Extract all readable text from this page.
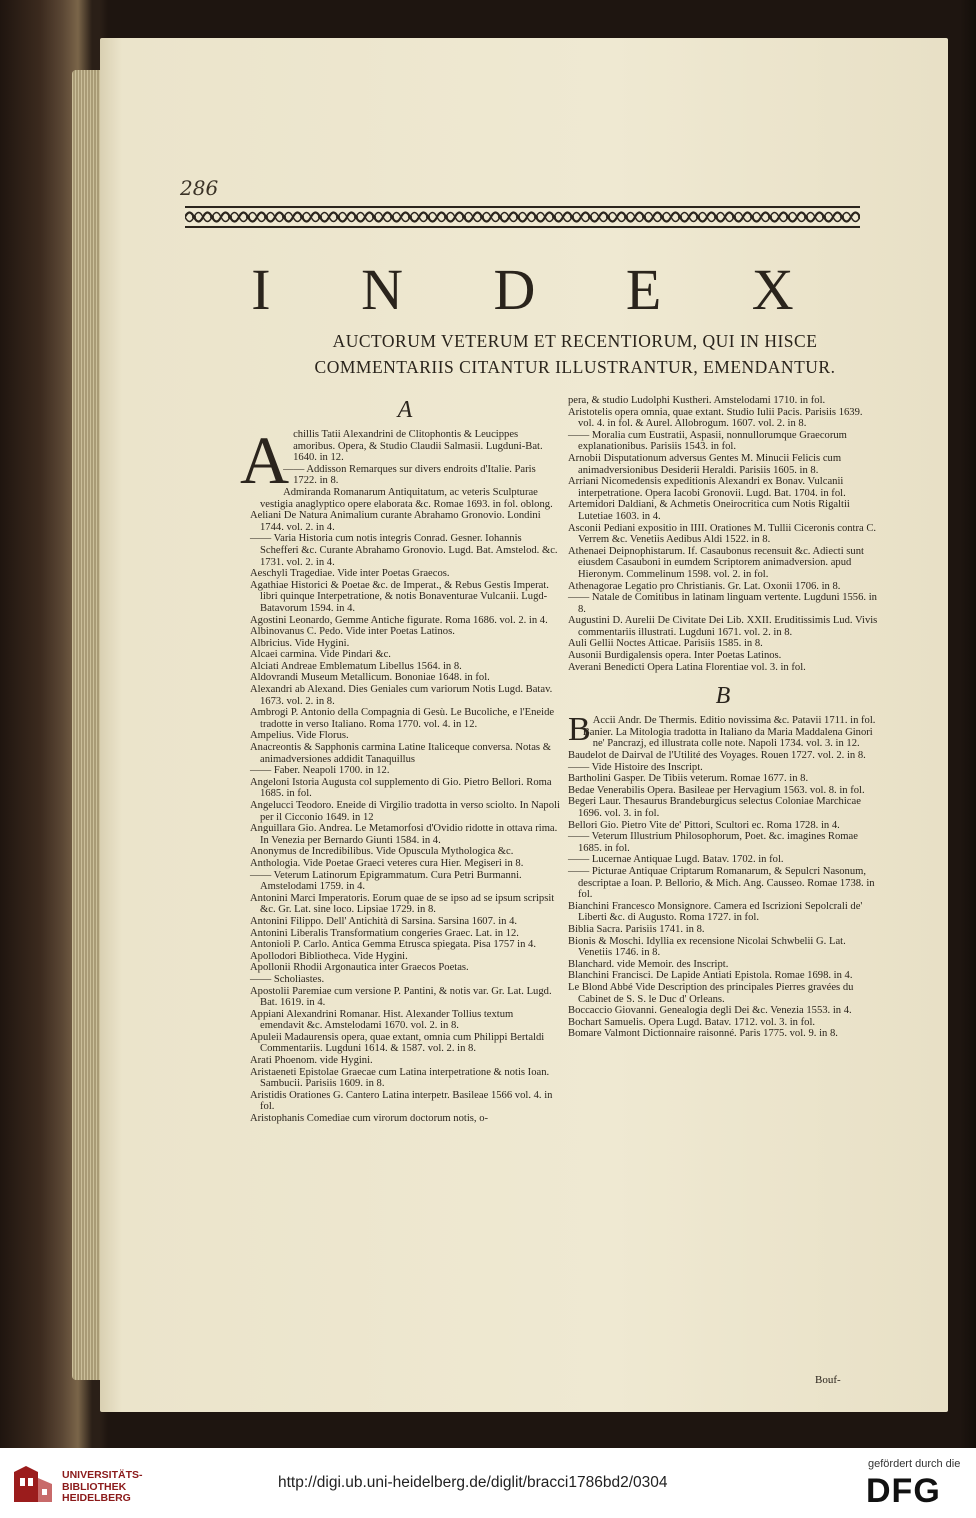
286
I N D E X
AUCTORUM VETERUM ET RECENTIORUM, QUI IN HISCE COMMENTARIIS CITANTUR ILLUSTRANTUR, EMENDANTUR.
A

Achillis Tatii Alexandrini de Clitophontis & Leucippes amoribus. Opera, & Studio Claudii Salmasii. Lugduni-Bat. 1640. in 12.

—— Addisson Remarques sur divers endroits d'Italie. Paris 1722. in 8.

Admiranda Romanarum Antiquitatum, ac veteris Sculpturae vestigia anaglyptico opere elaborata &c. Romae 1693. in fol. oblong.

Aeliani De Natura Animalium curante Abrahamo Gronovio. Londini 1744. vol. 2. in 4.

—— Varia Historia cum notis integris Conrad. Gesner. Iohannis Schefferi &c. Curante Abrahamo Gronovio. Lugd. Bat. Amstelod. &c. 1731. vol. 2. in 4.

Aeschyli Tragediae. Vide inter Poetas Graecos.

Agathiae Historici & Poetae &c. de Imperat., & Rebus Gestis Imperat. libri quinque Interpetratione, & notis Bonaventurae Vulcanii. Lugd-Batavorum 1594. in 4.

Agostini Leonardo, Gemme Antiche figurate. Roma 1686. vol. 2. in 4.

Albinovanus C. Pedo. Vide inter Poetas Latinos.

Albricius. Vide Hygini.

Alcaei carmina. Vide Pindari &c.

Alciati Andreae Emblematum Libellus 1564. in 8.

Aldovrandi Museum Metallicum. Bononiae 1648. in fol.

Alexandri ab Alexand. Dies Geniales cum variorum Notis Lugd. Batav. 1673. vol. 2. in 8.

Ambrogi P. Antonio della Compagnia di Gesù. Le Bucoliche, e l'Eneide tradotte in verso Italiano. Roma 1770. vol. 4. in 12.

Ampelius. Vide Florus.

Anacreontis & Sapphonis carmina Latine Italiceque conversa. Notas & animadversiones addidit Tanaquillus

—— Faber. Neapoli 1700. in 12.

Angeloni Istoria Augusta col supplemento di Gio. Pietro Bellori. Roma 1685. in fol.

Angelucci Teodoro. Eneide di Virgilio tradotta in verso sciolto. In Napoli per il Cicconio 1649. in 12

Anguillara Gio. Andrea. Le Metamorfosi d'Ovidio ridotte in ottava rima. In Venezia per Bernardo Giunti 1584. in 4.

Anonymus de Incredibilibus. Vide Opuscula Mythologica &c.

Anthologia. Vide Poetae Graeci veteres cura Hier. Megiseri in 8.

—— Veterum Latinorum Epigrammatum. Cura Petri Burmanni. Amstelodami 1759. in 4.

Antonini Marci Imperatoris. Eorum quae de se ipso ad se ipsum scripsit &c. Gr. Lat. sine loco. Lipsiae 1729. in 8.

Antonini Filippo. Dell' Antichità di Sarsina. Sarsina 1607. in 4.

Antonini Liberalis Transformatium congeries Graec. Lat. in 12.

Antonioli P. Carlo. Antica Gemma Etrusca spiegata. Pisa 1757 in 4.

Apollodori Bibliotheca. Vide Hygini.

Apollonii Rhodii Argonautica inter Graecos Poetas.

—— Scholiastes.

Apostolii Paremiae cum versione P. Pantini, & notis var. Gr. Lat. Lugd. Bat. 1619. in 4.

Appiani Alexandrini Romanar. Hist. Alexander Tollius textum emendavit &c. Amstelodami 1670. vol. 2. in 8.

Apuleii Madaurensis opera, quae extant, omnia cum Philippi Bertaldi Commentariis. Lugduni 1614. & 1587. vol. 2. in 8.

Arati Phoenom. vide Hygini.

Aristaeneti Epistolae Graecae cum Latina interpetratione & notis Ioan. Sambucii. Parisiis 1609. in 8.

Aristidis Orationes G. Cantero Latina interpetr. Basileae 1566 vol. 4. in fol.

Aristophanis Comediae cum virorum doctorum notis, o-

pera, & studio Ludolphi Kustheri. Amstelodami 1710. in fol.

Aristotelis opera omnia, quae extant. Studio Iulii Pacis. Parisiis 1639. vol. 4. in fol. & Aurel. Allobrogum. 1607. vol. 2. in 8.

—— Moralia cum Eustratii, Aspasii, nonnullorumque Graecorum explanationibus. Parisiis 1543. in fol.

Arnobii Disputationum adversus Gentes M. Minucii Felicis cum animadversionibus Desiderii Heraldi. Parisiis 1605. in 8.

Arriani Nicomedensis expeditionis Alexandri ex Bonav. Vulcanii interpetratione. Opera Iacobi Gronovii. Lugd. Bat. 1704. in fol.

Artemidori Daldiani, & Achmetis Oneirocritica cum Notis Rigaltii Lutetiae 1603. in 4.

Asconii Pediani expositio in IIII. Orationes M. Tullii Ciceronis contra C. Verrem &c. Venetiis Aedibus Aldi 1522. in 8.

Athenaei Deipnophistarum. If. Casaubonus recensuit &c. Adiecti sunt eiusdem Casauboni in eumdem Scriptorem animadversion. apud Hieronym. Commelinum 1598. vol. 2. in fol.

Athenagorae Legatio pro Christianis. Gr. Lat. Oxonii 1706. in 8.

—— Natale de Comitibus in latinam linguam vertente. Lugduni 1556. in 8.

Augustini D. Aurelii De Civitate Dei Lib. XXII. Eruditissimis Lud. Vivis commentariis illustrati. Lugduni 1671. vol. 2. in 8.

Auli Gellii Noctes Atticae. Parisiis 1585. in 8.

Ausonii Burdigalensis opera. Inter Poetas Latinos.

Averani Benedicti Opera Latina Florentiae vol. 3. in fol.

B

B Accii Andr. De Thermis. Editio novissima &c. Patavii 1711. in fol.

Banier. La Mitologia tradotta in Italiano da Maria Maddalena Ginori ne' Pancrazj, ed illustrata colle note. Napoli 1734. vol. 3. in 12.

Baudelot de Dairval de l'Utilité des Voyages. Rouen 1727. vol. 2. in 8.

—— Vide Histoire des Inscript.

Bartholini Gasper. De Tibiis veterum. Romae 1677. in 8.

Bedae Venerabilis Opera. Basileae per Hervagium 1563. vol. 8. in fol.

Begeri Laur. Thesaurus Brandeburgicus selectus Coloniae Marchicae 1696. vol. 3. in fol.

Bellori Gio. Pietro Vite de' Pittori, Scultori ec. Roma 1728. in 4.

—— Veterum Illustrium Philosophorum, Poet. &c. imagines Romae 1685. in fol.

—— Lucernae Antiquae Lugd. Batav. 1702. in fol.

—— Picturae Antiquae Criptarum Romanarum, & Sepulcri Nasonum, descriptae a Ioan. P. Bellorio, & Mich. Ang. Causseo. Romae 1738. in fol.

Bianchini Francesco Monsignore. Camera ed Iscrizioni Sepolcrali de' Liberti &c. di Augusto. Roma 1727. in fol.

Biblia Sacra. Parisiis 1741. in 8.

Bionis & Moschi. Idyllia ex recensione Nicolai Schwbelii G. Lat. Venetiis 1746. in 8.

Blanchard. vide Memoir. des Inscript.

Blanchini Francisci. De Lapide Antiati Epistola. Romae 1698. in 4.

Le Blond Abbé Vide Description des principales Pierres gravées du Cabinet de S. S. le Duc d' Orleans.

Boccaccio Giovanni. Genealogia degli Dei &c. Venezia 1553. in 4.

Bochart Samuelis. Opera Lugd. Batav. 1712. vol. 3. in fol.

Bomare Valmont Dictionnaire raisonné. Paris 1775. vol. 9. in 8.

Bouf-
UNIVERSITÄTS-
BIBLIOTHEK
HEIDELBERG
http://digi.ub.uni-heidelberg.de/diglit/bracci1786bd2/0304
gefördert durch die
DFG
